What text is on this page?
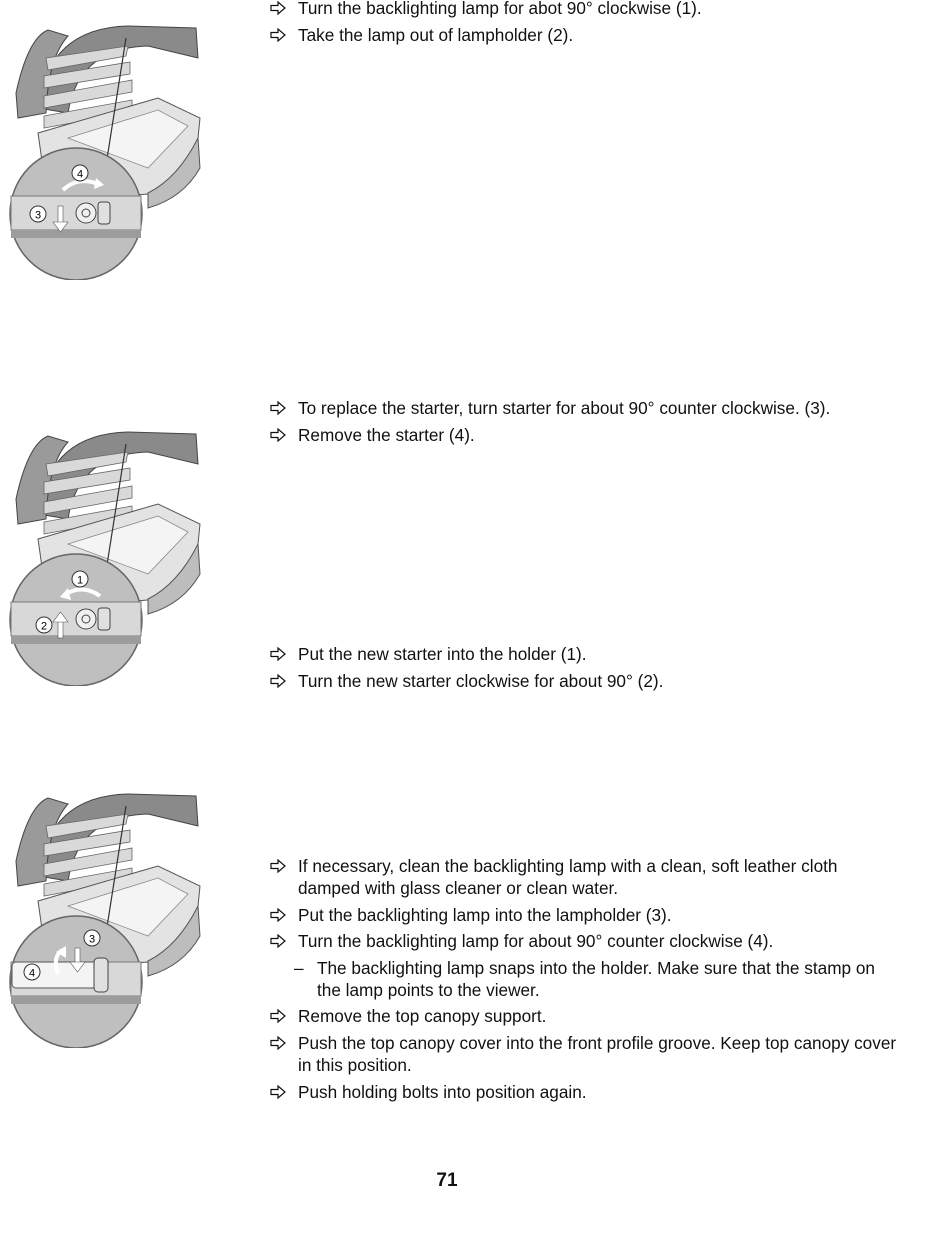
4
3
1
2
3
4
Turn the backlighting lamp for abot 90° clockwise (1).
Take the lamp out of lampholder (2).
To replace the starter, turn starter for about 90° counter clockwise. (3).
Remove the starter (4).
Put the new starter into the holder (1).
Turn the new starter clockwise for about 90° (2).
If necessary, clean the backlighting lamp with a clean, soft leather cloth damped with glass cleaner or clean water.
Put the backlighting lamp into the lampholder (3).
Turn the backlighting lamp for about 90° counter clockwise (4).
– The backlighting lamp snaps into the holder. Make sure that the stamp on the lamp points to the viewer.
Remove the top canopy support.
Push the top canopy cover into the front profile groove. Keep top canopy cover in this position.
Push holding bolts into position again.
71
